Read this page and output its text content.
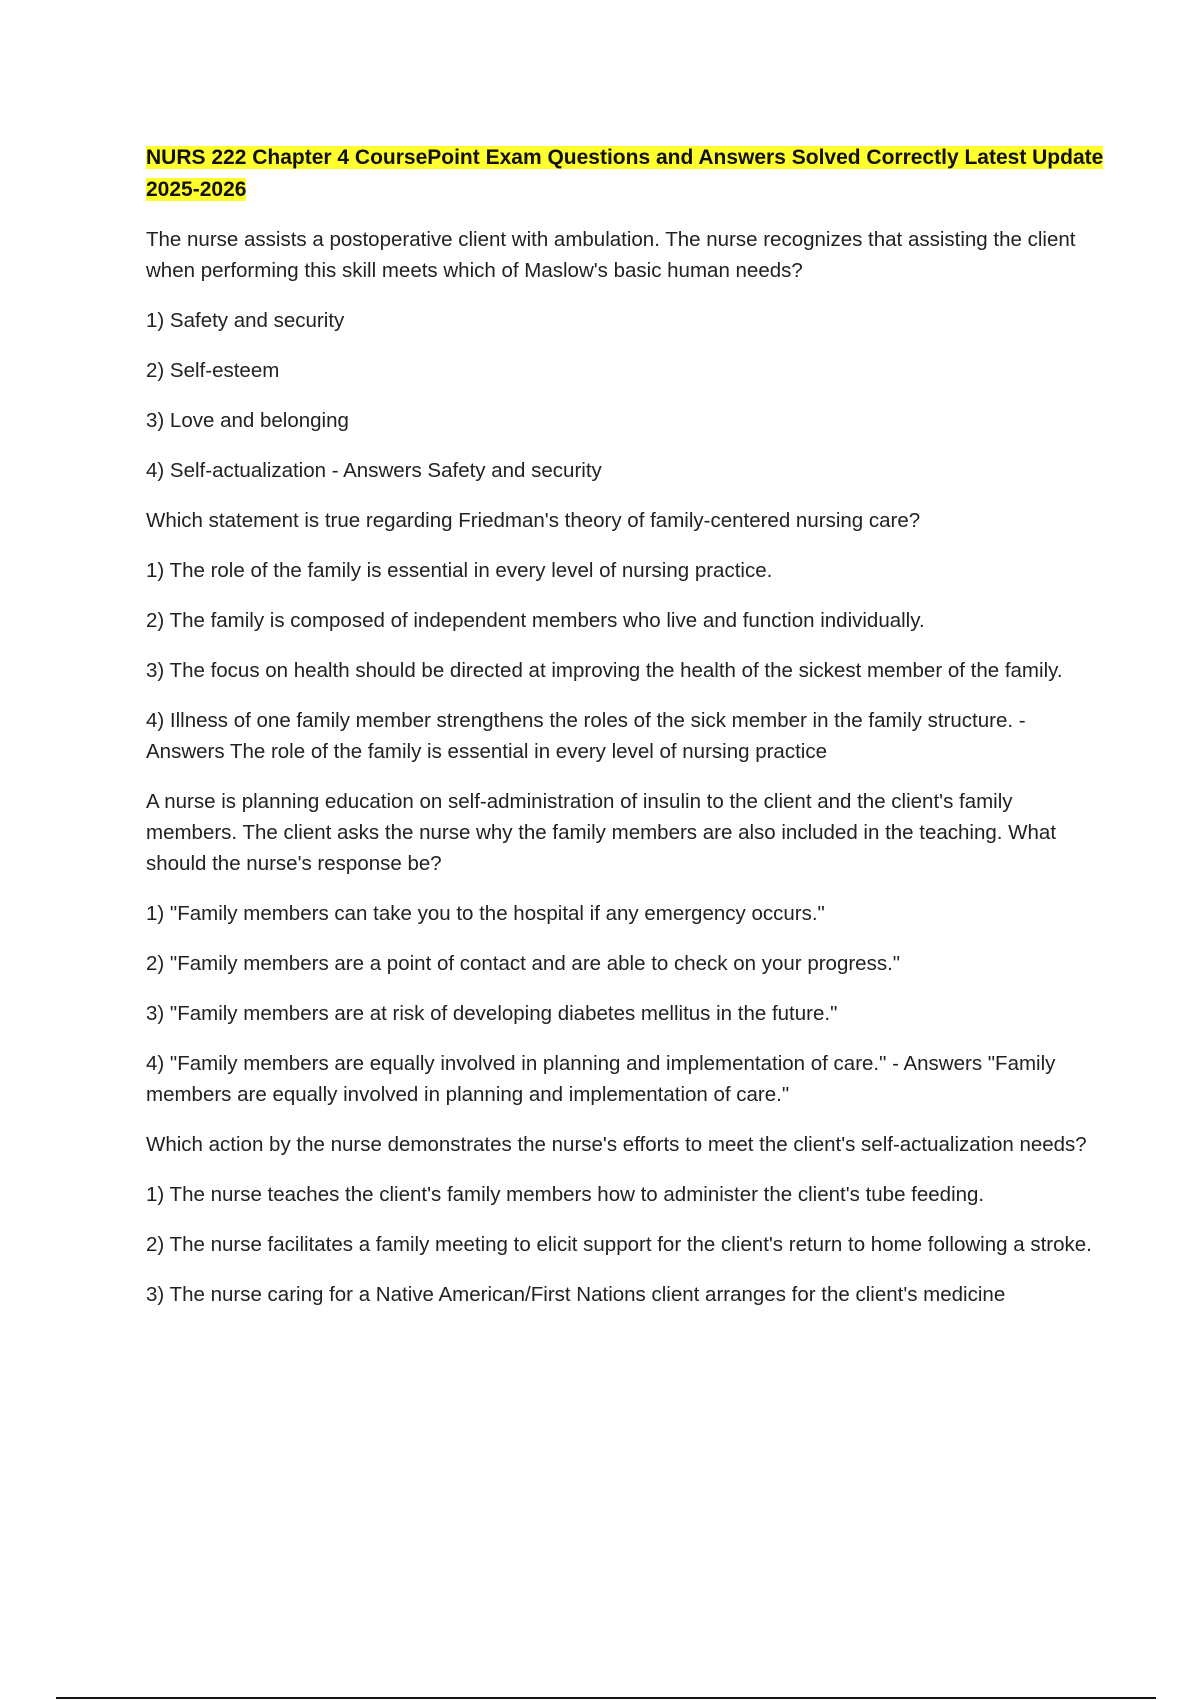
NURS 222 Chapter 4 CoursePoint Exam Questions and Answers Solved Correctly Latest Update 2025-2026

The nurse assists a postoperative client with ambulation. The nurse recognizes that assisting the client when performing this skill meets which of Maslow's basic human needs?

1) Safety and security

2) Self-esteem

3) Love and belonging

4) Self-actualization - Answers Safety and security

Which statement is true regarding Friedman's theory of family-centered nursing care?

1) The role of the family is essential in every level of nursing practice.

2) The family is composed of independent members who live and function individually.

3) The focus on health should be directed at improving the health of the sickest member of the family.

4) Illness of one family member strengthens the roles of the sick member in the family structure. - Answers The role of the family is essential in every level of nursing practice

A nurse is planning education on self-administration of insulin to the client and the client's family members. The client asks the nurse why the family members are also included in the teaching. What should the nurse's response be?

1) "Family members can take you to the hospital if any emergency occurs."

2) "Family members are a point of contact and are able to check on your progress."

3) "Family members are at risk of developing diabetes mellitus in the future."

4) "Family members are equally involved in planning and implementation of care." - Answers "Family members are equally involved in planning and implementation of care."

Which action by the nurse demonstrates the nurse's efforts to meet the client's self-actualization needs?

1) The nurse teaches the client's family members how to administer the client's tube feeding.

2) The nurse facilitates a family meeting to elicit support for the client's return to home following a stroke.

3) The nurse caring for a Native American/First Nations client arranges for the client's medicine
